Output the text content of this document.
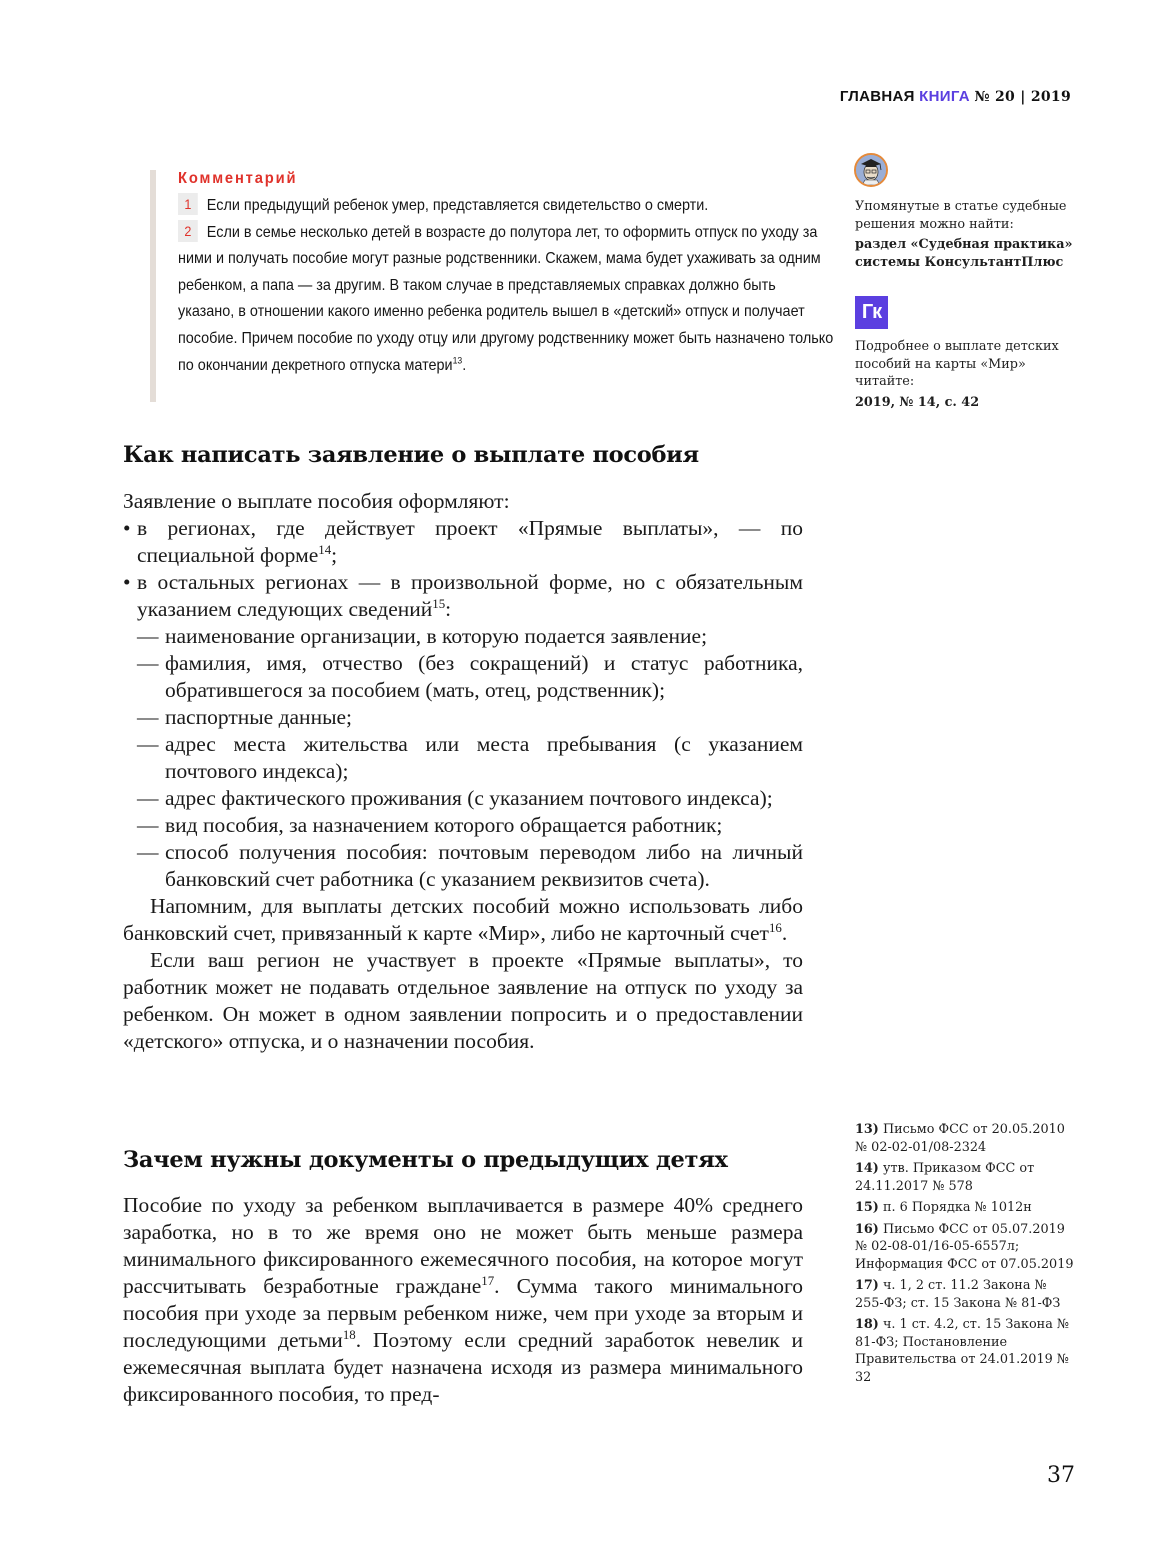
ГЛАВНАЯ КНИГА № 20 | 2019
Комментарий
1 Если предыдущий ребенок умер, представляется свидетельство о смерти.
2 Если в семье несколько детей в возрасте до полутора лет, то оформить отпуск по уходу за ними и получать пособие могут разные родственники. Скажем, мама будет ухаживать за одним ребенком, а папа — за другим. В таком случае в представляемых справках должно быть указано, в отношении какого именно ребенка родитель вышел в «детский» отпуск и получает пособие. Причем пособие по уходу отцу или другому родственнику может быть назначено только по окончании декретного отпуска матери$^{13}$.
Как написать заявление о выплате пособия

Заявление о выплате пособия оформляют:

• в регионах, где действует проект «Прямые выплаты», — по специальной форме$^{14}$;
• в остальных регионах — в произвольной форме, но с обязательным указанием следующих сведений$^{15}$:
— наименование организации, в которую подается заявление;
— фамилия, имя, отчество (без сокращений) и статус работника, обратившегося за пособием (мать, отец, родственник);
— паспортные данные;
— адрес места жительства или места пребывания (с указанием почтового индекса);
— адрес фактического проживания (с указанием почтового индекса);
— вид пособия, за назначением которого обращается работник;
— способ получения пособия: почтовым переводом либо на личный банковский счет работника (с указанием реквизитов счета).

Напомним, для выплаты детских пособий можно использовать либо банковский счет, привязанный к карте «Мир», либо не карточный счет$^{16}$.

Если ваш регион не участвует в проекте «Прямые выплаты», то работник может не подавать отдельное заявление на отпуск по уходу за ребенком. Он может в одном заявлении попросить и о предоставлении «детского» отпуска, и о назначении пособия.

Зачем нужны документы о предыдущих детях

Пособие по уходу за ребенком выплачивается в размере 40% среднего заработка, но в то же время оно не может быть меньше размера минимального фиксированного ежемесячного пособия, на которое могут рассчитывать безработные граждане$^{17}$. Сумма такого минимального пособия при уходе за первым ребенком ниже, чем при уходе за вторым и последующими детьми$^{18}$. Поэтому если средний заработок невелик и ежемесячная выплата будет назначена исходя из размера минимального фиксированного пособия, то пред-

Упомянутые в статье судебные решения можно найти:
раздел «Судебная практика» системы КонсультантПлюс
Гк
Подробнее о выплате детских пособий на карты «Мир» читайте:
2019, № 14, с. 42
13) Письмо ФСС от 20.05.2010 № 02-02-01/08-2324
14) утв. Приказом ФСС от 24.11.2017 № 578
15) п. 6 Порядка № 1012н
16) Письмо ФСС от 05.07.2019 № 02-08-01/16-05-6557л; Информация ФСС от 07.05.2019
17) ч. 1, 2 ст. 11.2 Закона № 255-ФЗ; ст. 15 Закона № 81-ФЗ
18) ч. 1 ст. 4.2, ст. 15 Закона № 81-ФЗ; Постановление Правительства от 24.01.2019 № 32
37
